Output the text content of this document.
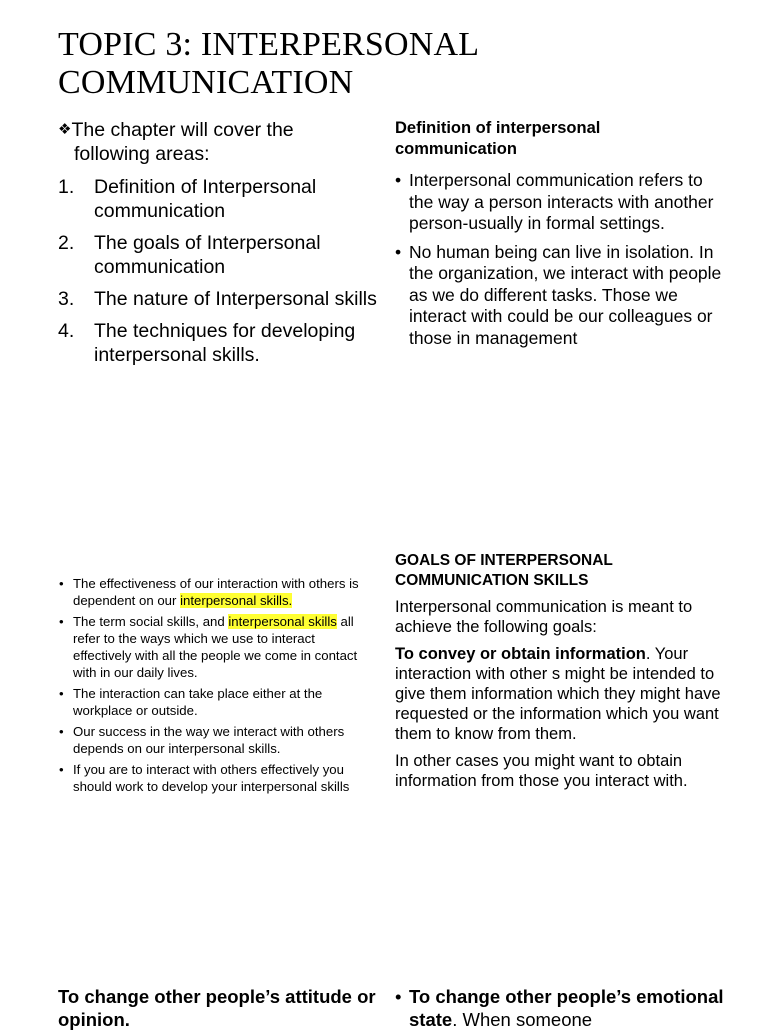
TOPIC 3: INTERPERSONAL
COMMUNICATION
❖The chapter will cover the
following areas:
1. Definition of Interpersonal communication
2. The goals of Interpersonal communication
3. The nature of Interpersonal skills
4. The techniques for developing interpersonal skills.
Definition of interpersonal communication
• Interpersonal communication refers to the way a person interacts with another person-usually in formal settings.
• No human being can live in isolation. In the organization, we interact with people as we do different tasks. Those we interact with could be our colleagues or those in management
• The effectiveness of our interaction with others is dependent on our interpersonal skills.
• The term social skills, and interpersonal skills all refer to the ways which we use to interact effectively with all the people we come in contact with in our daily lives.
• The interaction can take place either at the workplace or outside.
• Our success in the way we interact with others depends on our interpersonal skills.
• If you are to interact with others effectively you should work to develop your interpersonal skills
GOALS OF INTERPERSONAL COMMUNICATION SKILLS

Interpersonal communication is meant to achieve the following goals:

To convey or obtain information. Your interaction with other s might be intended to give them information which they might have requested or the information which you want them to know from them.

In other cases you might want to obtain information from those you interact with.

To change other people’s attitude or opinion.
• To change other people’s emotional state. When someone
